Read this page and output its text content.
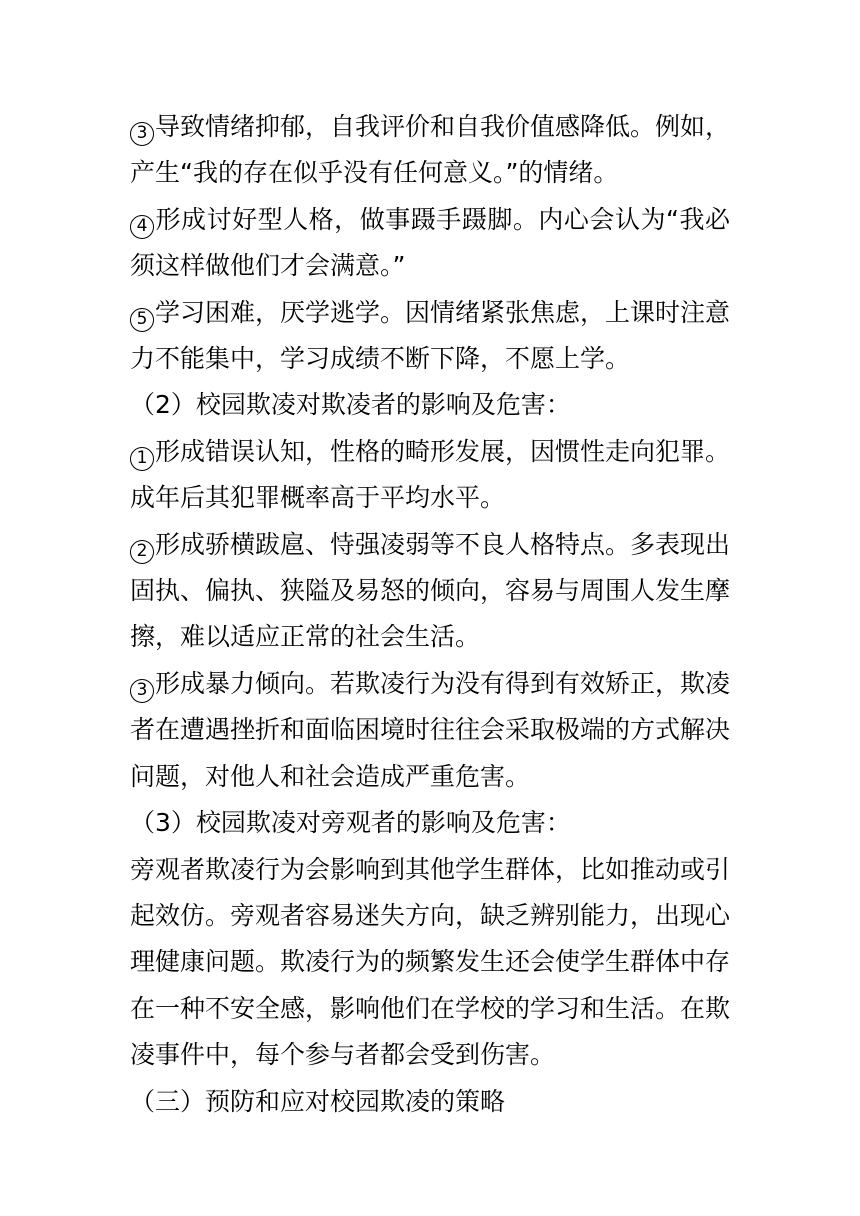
3 导致情绪抑郁，自我评价和自我价值感降低。例如，产生“我的存在似乎没有任何意义。”的情绪。

4 形成讨好型人格，做事蹑手蹑脚。内心会认为“我必须这样做他们才会满意。”

5 学习困难，厌学逃学。因情绪紧张焦虑，上课时注意力不能集中，学习成绩不断下降，不愿上学。

（2）校园欺凌对欺凌者的影响及危害：

1 形成错误认知，性格的畸形发展，因惯性走向犯罪。成年后其犯罪概率高于平均水平。

2 形成骄横跋扈、恃强凌弱等不良人格特点。多表现出固执、偏执、狭隘及易怒的倾向，容易与周围人发生摩擦，难以适应正常的社会生活。

3 形成暴力倾向。若欺凌行为没有得到有效矫正，欺凌者在遭遇挫折和面临困境时往往会采取极端的方式解决问题，对他人和社会造成严重危害。

（3）校园欺凌对旁观者的影响及危害：

旁观者欺凌行为会影响到其他学生群体，比如推动或引起效仿。旁观者容易迷失方向，缺乏辨别能力，出现心理健康问题。欺凌行为的频繁发生还会使学生群体中存在一种不安全感，影响他们在学校的学习和生活。在欺凌事件中，每个参与者都会受到伤害。

（三）预防和应对校园欺凌的策略
